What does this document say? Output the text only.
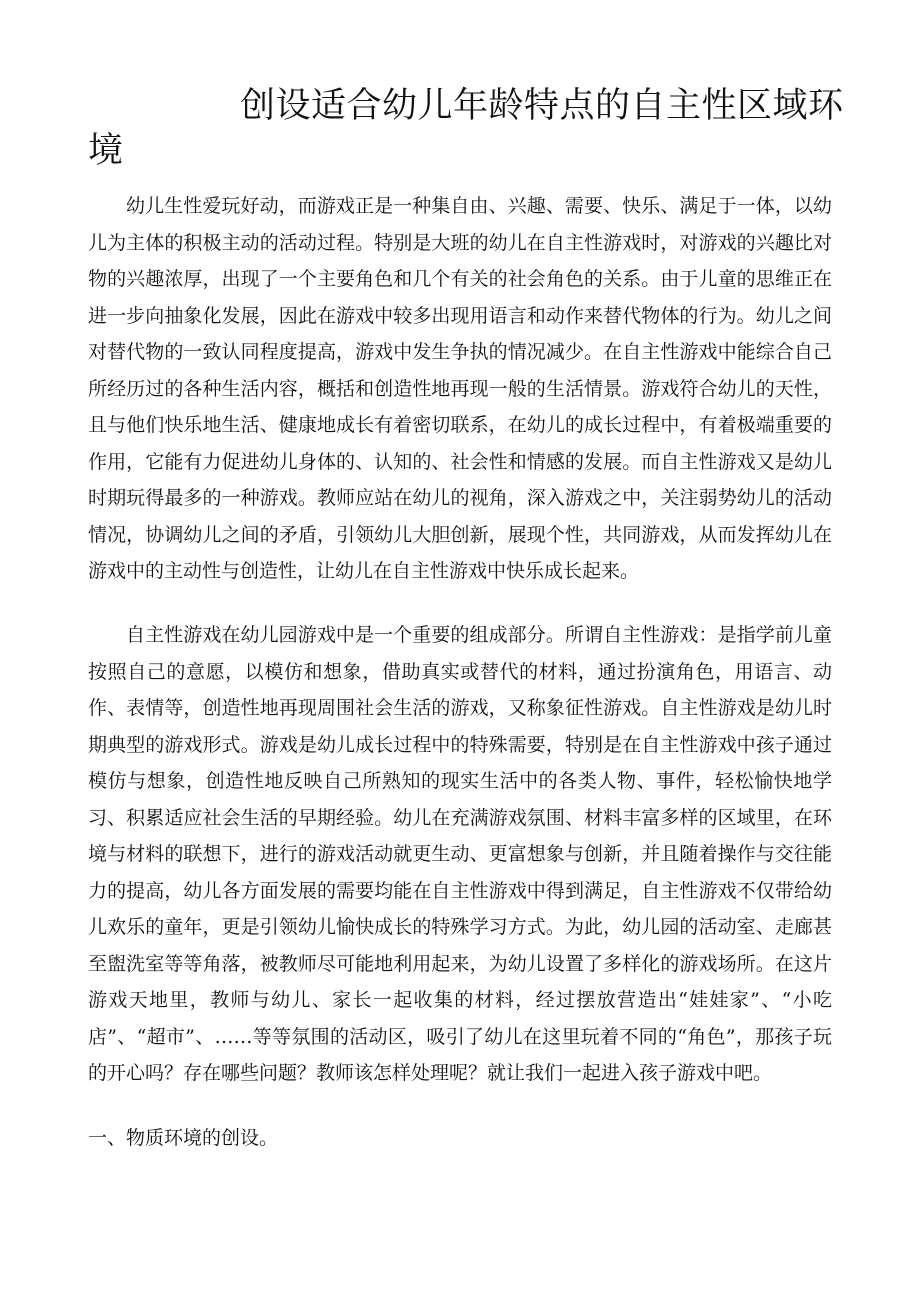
创设适合幼儿年龄特点的自主性区域环境

幼儿生性爱玩好动，而游戏正是一种集自由、兴趣、需要、快乐、满足于一体，以幼儿为主体的积极主动的活动过程。特别是大班的幼儿在自主性游戏时，对游戏的兴趣比对物的兴趣浓厚，出现了一个主要角色和几个有关的社会角色的关系。由于儿童的思维正在进一步向抽象化发展，因此在游戏中较多出现用语言和动作来替代物体的行为。幼儿之间对替代物的一致认同程度提高，游戏中发生争执的情况减少。在自主性游戏中能综合自己所经历过的各种生活内容，概括和创造性地再现一般的生活情景。游戏符合幼儿的天性，且与他们快乐地生活、健康地成长有着密切联系，在幼儿的成长过程中，有着极端重要的作用，它能有力促进幼儿身体的、认知的、社会性和情感的发展。而自主性游戏又是幼儿时期玩得最多的一种游戏。教师应站在幼儿的视角，深入游戏之中，关注弱势幼儿的活动情况，协调幼儿之间的矛盾，引领幼儿大胆创新，展现个性，共同游戏，从而发挥幼儿在游戏中的主动性与创造性，让幼儿在自主性游戏中快乐成长起来。

自主性游戏在幼儿园游戏中是一个重要的组成部分。所谓自主性游戏：是指学前儿童按照自己的意愿，以模仿和想象，借助真实或替代的材料，通过扮演角色，用语言、动作、表情等，创造性地再现周围社会生活的游戏，又称象征性游戏。自主性游戏是幼儿时期典型的游戏形式。游戏是幼儿成长过程中的特殊需要，特别是在自主性游戏中孩子通过模仿与想象，创造性地反映自己所熟知的现实生活中的各类人物、事件，轻松愉快地学习、积累适应社会生活的早期经验。幼儿在充满游戏氛围、材料丰富多样的区域里，在环境与材料的联想下，进行的游戏活动就更生动、更富想象与创新，并且随着操作与交往能力的提高，幼儿各方面发展的需要均能在自主性游戏中得到满足，自主性游戏不仅带给幼儿欢乐的童年，更是引领幼儿愉快成长的特殊学习方式。为此，幼儿园的活动室、走廊甚至盥洗室等等角落，被教师尽可能地利用起来，为幼儿设置了多样化的游戏场所。在这片游戏天地里，教师与幼儿、家长一起收集的材料，经过摆放营造出“娃娃家”、“小吃店”、“超市”、……等等氛围的活动区，吸引了幼儿在这里玩着不同的“角色”，那孩子玩的开心吗？存在哪些问题？教师该怎样处理呢？就让我们一起进入孩子游戏中吧。

一、物质环境的创设。
